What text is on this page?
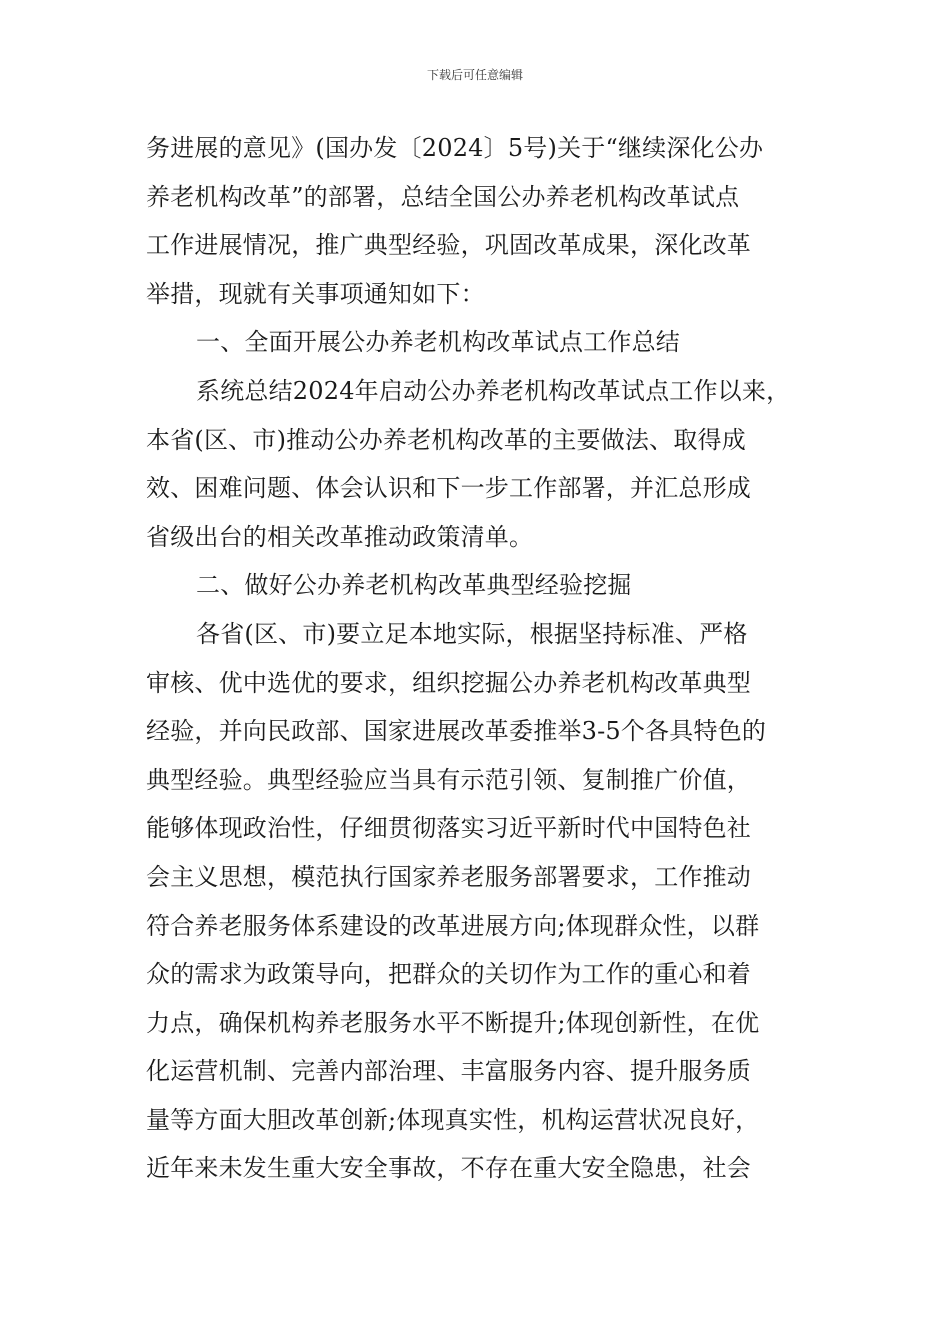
下载后可任意编辑
务进展的意见》(国办发〔2024〕5号)关于“继续深化公办
养老机构改革”的部署，总结全国公办养老机构改革试点
工作进展情况，推广典型经验，巩固改革成果，深化改革
举措，现就有关事项通知如下：
一、全面开展公办养老机构改革试点工作总结
系统总结2024年启动公办养老机构改革试点工作以来，
本省(区、市)推动公办养老机构改革的主要做法、取得成
效、困难问题、体会认识和下一步工作部署，并汇总形成
省级出台的相关改革推动政策清单。
二、做好公办养老机构改革典型经验挖掘
各省(区、市)要立足本地实际，根据坚持标准、严格
审核、优中选优的要求，组织挖掘公办养老机构改革典型
经验，并向民政部、国家进展改革委推举3-5个各具特色的
典型经验。典型经验应当具有示范引领、复制推广价值，
能够体现政治性，仔细贯彻落实习近平新时代中国特色社
会主义思想，模范执行国家养老服务部署要求，工作推动
符合养老服务体系建设的改革进展方向;体现群众性，以群
众的需求为政策导向，把群众的关切作为工作的重心和着
力点，确保机构养老服务水平不断提升;体现创新性，在优
化运营机制、完善内部治理、丰富服务内容、提升服务质
量等方面大胆改革创新;体现真实性，机构运营状况良好，
近年来未发生重大安全事故，不存在重大安全隐患，社会
